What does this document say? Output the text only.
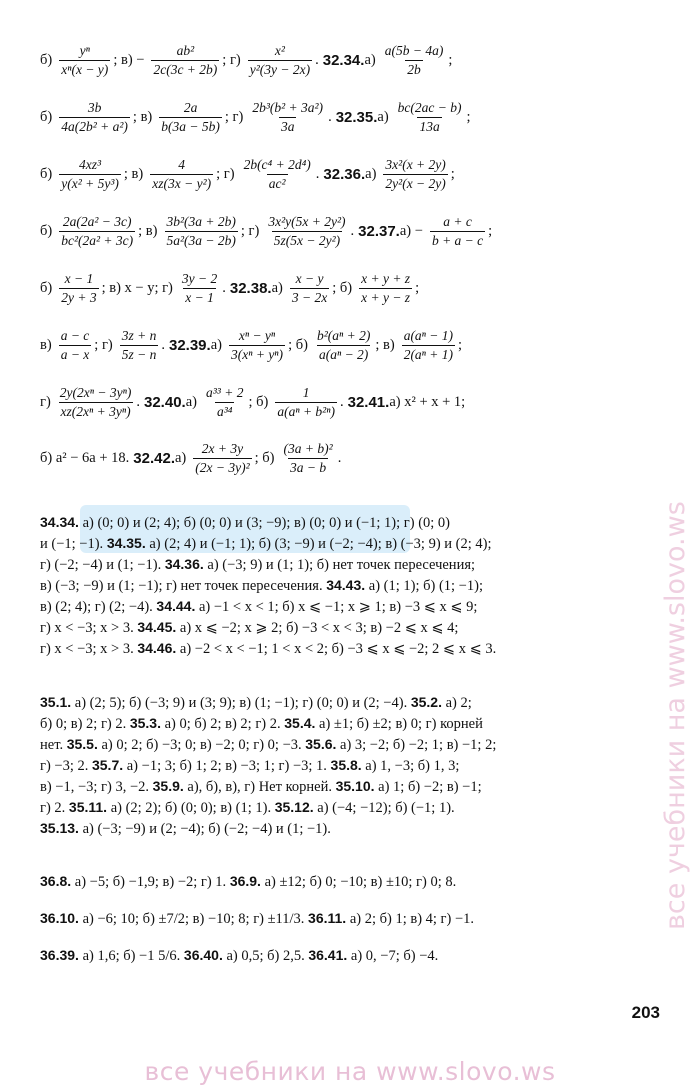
$б) \frac{\text{yⁿ}}{\text{xⁿ(x − y)}}$ ; $в) - \frac{\text{ab²}}{2c(3c + 2b)}$ ; $г) \frac{\text{x²}}{\text{y²(3y − 2x)}}$ . 32.34. $а) \frac{a(5b - 4a)}{2b}$ ;
$б) \frac{3b}{\text{4a(2b² + a²)}}$ ; $в) \frac{2a}{b(3a - 5b)}$ ; $г) \frac{\text{2b³(b² + 3a²)}}{3a}$ . 32.35. $а) \frac{bc(2ac - b)}{13a}$ ;
$б) \frac{\text{4xz³}}{\text{y(x² + 5y³)}}$ ; $в) \frac{4}{\text{xz(3x − y²)}}$ ; $г) \frac{\text{2b(c⁴ + 2d⁴)}}{\text{ac²}}$ . 32.36. $а) \frac{\text{3x²(x + 2y)}}{\text{2y²(x − 2y)}}$ ;
$б) \frac{\text{2a(2a² − 3c)}}{\text{bc²(2a² + 3c)}}$ ; $в) \frac{\text{3b²(3a + 2b)}}{\text{5a²(3a − 2b)}}$ ; $г) \frac{\text{3x²y(5x + 2y²)}}{\text{5z(5x − 2y²)}}$ . 32.37. $а) - \frac{a + c}{b + a - c}$ ;
$б) \frac{x - 1}{2y + 3}$ ; в) x − y; $г) \frac{3y - 2}{x - 1}$ . 32.38. $а) \frac{x - y}{3 - 2x}$ ; $б) \frac{x + y + z}{x + y - z}$ ;
$в) \frac{a - c}{a - x}$ ; $г) \frac{3z + n}{5z - n}$ . 32.39. $а) \frac{\text{xⁿ − yⁿ}}{\text{3(xⁿ + yⁿ)}}$ ; $б) \frac{\text{b²(aⁿ + 2)}}{\text{a(aⁿ − 2)}}$ ; $в) \frac{\text{a(aⁿ − 1)}}{\text{2(aⁿ + 1)}}$ ;
$г) \frac{\text{2y(2xⁿ − 3yⁿ)}}{\text{xz(2xⁿ + 3yⁿ)}}$ . 32.40. $а) \frac{\text{a³³ + 2}}{\text{a³⁴}}$ ; $б) \frac{1}{\text{a(aⁿ + b²ⁿ)}}$ . 32.41. а) x² + x + 1;
б) a² − 6a + 18. 32.42. $а) \frac{2x + 3y}{\text{(2x − 3y)²}}$ ; $б) \frac{\text{(3a + b)²}}{3a - b}$ .
34.34. а) (0; 0) и (2; 4); б) (0; 0) и (3; −9); в) (0; 0) и (−1; 1); г) (0; 0)
и (−1; −1). 34.35. а) (2; 4) и (−1; 1); б) (3; −9) и (−2; −4); в) (−3; 9) и (2; 4);
г) (−2; −4) и (1; −1). 34.36. а) (−3; 9) и (1; 1); б) нет точек пересечения;
в) (−3; −9) и (1; −1); г) нет точек пересечения. 34.43. а) (1; 1); б) (1; −1);
в) (2; 4); г) (2; −4). 34.44. а) −1 < x < 1; б) x ⩽ −1; x ⩾ 1; в) −3 ⩽ x ⩽ 9;
г) x < −3; x > 3. 34.45. а) x ⩽ −2; x ⩾ 2; б) −3 < x < 3; в) −2 ⩽ x ⩽ 4;
г) x < −3; x > 3. 34.46. а) −2 < x < −1; 1 < x < 2; б) −3 ⩽ x ⩽ −2; 2 ⩽ x ⩽ 3.
35.1. а) (2; 5); б) (−3; 9) и (3; 9); в) (1; −1); г) (0; 0) и (2; −4). 35.2. а) 2;
б) 0; в) 2; г) 2. 35.3. а) 0; б) 2; в) 2; г) 2. 35.4. а) ±1; б) ±2; в) 0; г) корней
нет. 35.5. а) 0; 2; б) −3; 0; в) −2; 0; г) 0; −3. 35.6. а) 3; −2; б) −2; 1; в) −1; 2;
г) −3; 2. 35.7. а) −1; 3; б) 1; 2; в) −3; 1; г) −3; 1. 35.8. а) 1, −3; б) 1, 3;
в) −1, −3; г) 3, −2. 35.9. а), б), в), г) Нет корней. 35.10. а) 1; б) −2; в) −1;
г) 2. 35.11. а) (2; 2); б) (0; 0); в) (1; 1). 35.12. а) (−4; −12); б) (−1; 1).
35.13. а) (−3; −9) и (2; −4); б) (−2; −4) и (1; −1).
36.8. а) −5; б) −1,9; в) −2; г) 1. 36.9. а) ±12; б) 0; −10; в) ±10; г) 0; 8.
36.10. а) −6; 10; б) ±7/2; в) −10; 8; г) ±11/3. 36.11. а) 2; б) 1; в) 4; г) −1.
36.39. а) 1,6; б) −1 5/6. 36.40. а) 0,5; б) 2,5. 36.41. а) 0, −7; б) −4.
203
все учебники на www.slovo.ws
все учебники на www.slovo.ws
